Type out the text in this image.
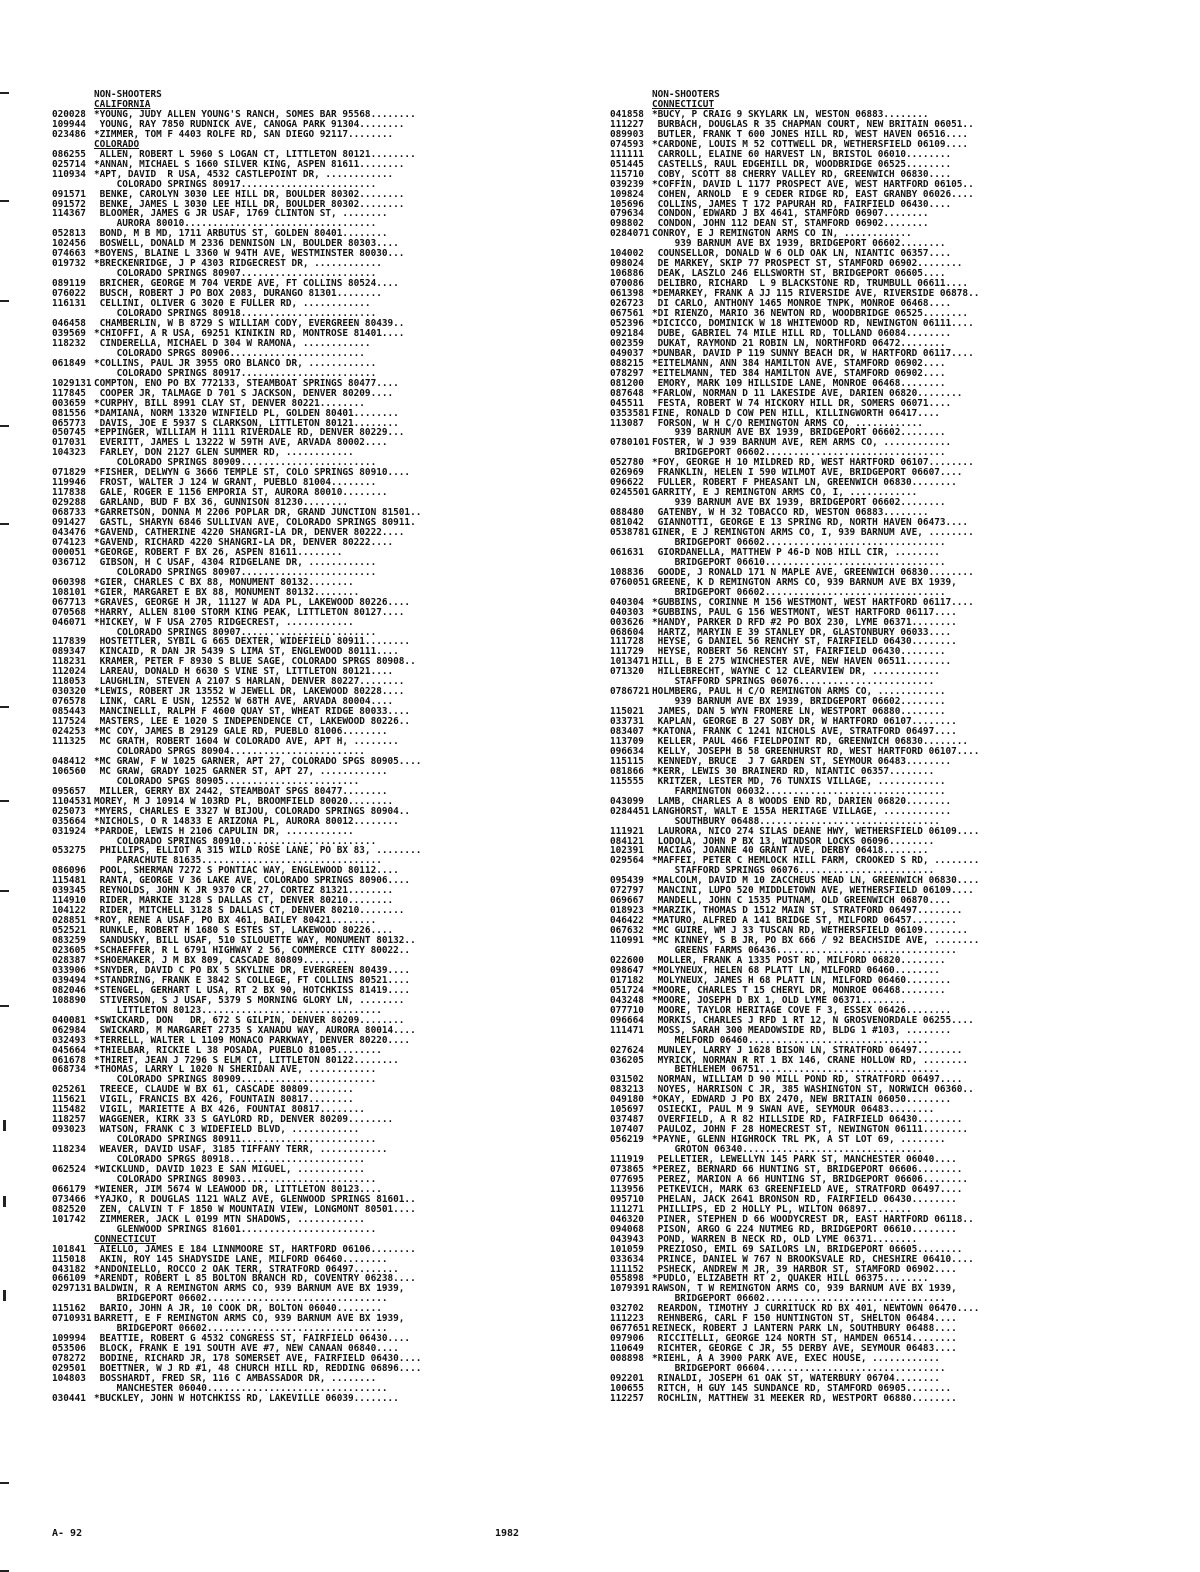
NON-SHOOTERS
CALIFORNIA
020028 *YOUNG, JUDY ALLEN YOUNG'S RANCH, SOMES BAR 95568........
109944 YOUNG, RAY 7850 RUDNICK AVE, CANOGA PARK 91304........
023486 *ZIMMER, TOM F 4403 ROLFE RD, SAN DIEGO 92117........
COLORADO
086255 ALLEN, ROBERT L 5960 S LOGAN CT, LITTLETON 80121........
025714 *ANNAN, MICHAEL S 1660 SILVER KING, ASPEN 81611........
110934 *APT, DAVID  R USA, 4532 CASTLEPOINT DR, ............
COLORADO SPRINGS 80917........................
091571 BENKE, CAROLYN 3030 LEE HILL DR, BOULDER 80302........
091572 BENKE, JAMES L 3030 LEE HILL DR, BOULDER 80302........
114367 BLOOMER, JAMES G JR USAF, 1769 CLINTON ST, ........
AURORA 80010..................................
052813 BOND, M B MD, 1711 ARBUTUS ST, GOLDEN 80401........
102456 BOSWELL, DONALD M 2336 DENNISON LN, BOULDER 80303....
074663 *BOYENS, BLAINE L 3360 W 94TH AVE, WESTMINSTER 80030...
019732 *BRECKENRIDGE, J P 4303 RIDGECREST DR, ............
COLORADO SPRINGS 80907........................
089119 BRICHER, GEORGE M 704 VERDE AVE, FT COLLINS 80524....
076022 BUSCH, ROBERT J PO BOX 2083, DURANGO 81301........
116131 CELLINI, OLIVER G 3020 E FULLER RD, ............
COLORADO SPRINGS 80918........................
046458 CHAMBERLIN, W B 8729 S WILLIAM CODY, EVERGREEN 80439..
039569 *CHIOFFI, A R USA, 69251 KINIKIN RD, MONTROSE 81401....
118232 CINDERELLA, MICHAEL D 304 W RAMONA, ............
COLORADO SPRGS 80906........................
061849 *COLLINS, PAUL JR 3955 ORO BLANCO DR, ............
COLORADO SPRINGS 80917........................
1029131 COMPTON, ENO PO BX 772133, STEAMBOAT SPRINGS 80477....
117845 COOPER JR, TALMAGE D 701 S JACKSON, DENVER 80209....
003659 *CURPHY, BILL 8991 CLAY ST, DENVER 80221........
081556 *DAMIANA, NORM 13320 WINFIELD PL, GOLDEN 80401........
065773 DAVIS, JOE E 5937 S CLARKSON, LITTLETON 80121........
050745 *EPPINGER, WILLIAM H 1111 RIVERDALE RD, DENVER 80229...
017031 EVERITT, JAMES L 13222 W 59TH AVE, ARVADA 80002....
104323 FARLEY, DON 2127 GLEN SUMMER RD, ............
COLORADO SPRINGS 80909........................
071829 *FISHER, DELWYN G 3666 TEMPLE ST, COLO SPRINGS 80910....
119946 FROST, WALTER J 124 W GRANT, PUEBLO 81004........
117838 GALE, ROGER E 1156 EMPORIA ST, AURORA 80010........
029288 GARLAND, BUD F BX 36, GUNNISON 81230........
068733 *GARRETSON, DONNA M 2206 POPLAR DR, GRAND JUNCTION 81501..
091427 GASTL, SHARYN 6846 SULLIVAN AVE, COLORADO SPRINGS 80911.
043476 *GAVEND, CATHERINE 4220 SHANGRI-LA DR, DENVER 80222....
074123 *GAVEND, RICHARD 4220 SHANGRI-LA DR, DENVER 80222....
000051 *GEORGE, ROBERT F BX 26, ASPEN 81611........
036712 GIBSON, H C USAF, 4304 RIDGELANE DR, ............
COLORADO SPRINGS 80907........................
060398 *GIER, CHARLES C BX 88, MONUMENT 80132........
108101 *GIER, MARGARET E BX 88, MONUMENT 80132........
067713 *GRAVES, GEORGE H JR, 11127 W ADA PL, LAKEWOOD 80226....
070568 *HARRY, ALLEN 8100 STORM KING PEAK, LITTLETON 80127....
046071 *HICKEY, W F USA 2705 RIDGECREST, ............
COLORADO SPRINGS 80907........................
117839 HOSTETTLER, SYBIL G 665 DEXTER, WIDEFIELD 80911........
089347 KINCAID, R DAN JR 5439 S LIMA ST, ENGLEWOOD 80111....
118231 KRAMER, PETER F 8930 S BLUE SAGE, COLORADO SPRGS 80908..
112024 LAREAU, DONALD H 6630 S VINE ST, LITTLETON 80121....
118053 LAUGHLIN, STEVEN A 2107 S HARLAN, DENVER 80227........
030320 *LEWIS, ROBERT JR 13552 W JEWELL DR, LAKEWOOD 80228....
076578 LINK, CARL E USN, 12552 W 68TH AVE, ARVADA 80004....
085443 MANCINELLI, RALPH F 4600 QUAY ST, WHEAT RIDGE 80033....
117524 MASTERS, LEE E 1020 S INDEPENDENCE CT, LAKEWOOD 80226..
024253 *MC COY, JAMES B 29129 GALE RD, PUEBLO 81006........
111325 MC GRATH, ROBERT 1604 W COLORADO AVE, APT H, ........
COLORADO SPRGS 80904........................
048412 *MC GRAW, F W 1025 GARNER, APT 27, COLORADO SPGS 80905....
106560 MC GRAW, GRADY 1025 GARNER ST, APT 27, ............
COLORADO SPGS 80905........................
095657 MILLER, GERRY BX 2442, STEAMBOAT SPGS 80477........
1104531 MOREY, M J 10914 W 103RD PL, BROOMFIELD 80020........
025073 *MYERS, CHARLES E 3327 W BIJOU, COLORADO SPRINGS 80904..
035664 *NICHOLS, O R 14833 E ARIZONA PL, AURORA 80012........
031924 *PARDOE, LEWIS H 2106 CAPULIN DR, ............
COLORADO SPRINGS 80910........................
053275 PHILLIPS, ELLIOT A 315 WILD ROSE LANE, PO BX 83, ........
PARACHUTE 81635................................
086096 POOL, SHERMAN 7272 S PONTIAC WAY, ENGLEWOOD 80112....
115481 RANTA, GEORGE V 36 LAKE AVE, COLORADO SPRINGS 80906....
039345 REYNOLDS, JOHN K JR 9370 CR 27, CORTEZ 81321........
114910 RIDER, MARKIE 3128 S DALLAS CT, DENVER 80210........
104122 RIDER, MITCHELL 3128 S DALLAS CT, DENVER 80210........
028851 *ROY, RENE A USAF, PO BX 461, BAILEY 80421........
052521 RUNKLE, ROBERT H 1680 S ESTES ST, LAKEWOOD 80226....
083259 SANDUSKY, BILL USAF, 510 SILOUETTE WAY, MONUMENT 80132..
023605 *SCHAEFFER, R L 6791 HIGHWAY 2 56, COMMERCE CITY 80022..
028387 *SHOEMAKER, J M BX 809, CASCADE 80809........
033906 *SNYDER, DAVID C PO BX 5 SKYLINE DR, EVERGREEN 80439....
039494 *STANDRING, FRANK E 3842 S COLLEGE, FT COLLINS 80521....
082046 *STENGEL, GERHART L USA, RT 2 BX 90, HOTCHKISS 81419....
108890 STIVERSON, S J USAF, 5379 S MORNING GLORY LN, ........
LITTLETON 80123................................
040081 *SWICKARD, DON   DR, 672 S GILPIN, DENVER 80209........
062984 SWICKARD, M MARGARET 2735 S XANADU WAY, AURORA 80014....
032493 *TERRELL, WALTER L 1109 MONACO PARKWAY, DENVER 80220....
045664 *THIELBAR, RICKIE L 38 POSADA, PUEBLO 81005........
061678 *THIRET, JEAN J 7296 S ELM CT, LITTLETON 80122........
068734 *THOMAS, LARRY L 1020 N SHERIDAN AVE, ............
COLORADO SPRINGS 80909........................
025261 TREECE, CLAUDE W BX 61, CASCADE 80809........
115621 VIGIL, FRANCIS BX 426, FOUNTAIN 80817........
115482 VIGIL, MARIETTE A BX 426, FOUNTAI 80817........
118257 WAGGENER, KIRK 33 S GAYLORD RD, DENVER 80209........
093023 WATSON, FRANK C 3 WIDEFIELD BLVD, ............
COLORADO SPRINGS 80911........................
118234 WEAVER, DAVID USAF, 3185 TIFFANY TERR, ............
COLORADO SPRGS 80918........................
062524 *WICKLUND, DAVID 1023 E SAN MIGUEL, ............
COLORADO SPRINGS 80903........................
066179 *WIENER, JIM 5674 W LEAWOOD DR, LITTLETON 80123....
073466 *YAJKO, R DOUGLAS 1121 WALZ AVE, GLENWOOD SPRINGS 81601..
082520 ZEN, CALVIN T F 1850 W MOUNTAIN VIEW, LONGMONT 80501....
101742 ZIMMERER, JACK L 0199 MTN SHADOWS, ............
GLENWOOD SPRINGS 81601........................
CONNECTICUT
101841 AIELLO, JAMES E 184 LINNMOORE ST, HARTFORD 06106........
115018 AKIN, ROY 145 SHADYSIDE LANE, MILFORD 06460........
043182 *ANDONIELLO, ROCCO 2 OAK TERR, STRATFORD 06497........
066109 *ARENDT, ROBERT L 85 BOLTON BRANCH RD, COVENTRY 06238....
0297131 BALDWIN, R A REMINGTON ARMS CO, 939 BARNUM AVE BX 1939,
BRIDGEPORT 06602................................
115162 BARIO, JOHN A JR, 10 COOK DR, BOLTON 06040........
0710931 BARRETT, E F REMINGTON ARMS CO, 939 BARNUM AVE BX 1939,
BRIDGEPORT 06602................................
109994 BEATTIE, ROBERT G 4532 CONGRESS ST, FAIRFIELD 06430....
053506 BLOCK, FRANK E 191 SOUTH AVE #7, NEW CANAAN 06840....
078272 BODINE, RICHARD JR, 178 SOMERSET AVE, FAIRFIELD 06430....
029501 BOETTNER, W J RD #1, 48 CHURCH HILL RD, REDDING 06896....
104803 BOSSHARDT, FRED SR, 116 C AMBASSADOR DR, ........
MANCHESTER 06040................................
030441 *BUCKLEY, JOHN W HOTCHKISS RD, LAKEVILLE 06039........
NON-SHOOTERS
CONNECTICUT
041858 *BUCY, P CRAIG 9 SKYLARK LN, WESTON 06883........
111227 BURBACH, DOUGLAS R 35 CHAPMAN COURT, NEW BRITAIN 06051..
089903 BUTLER, FRANK T 600 JONES HILL RD, WEST HAVEN 06516....
074593 *CARDONE, LOUIS M 52 COTTWELL DR, WETHERSFIELD 06109....
111111 CARROLL, ELAINE 60 HARVEST LN, BRISTOL 06010........
051445 CASTELLS, RAUL EDGEHILL DR, WOODBRIDGE 06525........
115710 COBY, SCOTT 88 CHERRY VALLEY RD, GREENWICH 06830....
039239 *COFFIN, DAVID L 1177 PROSPECT AVE, WEST HARTFORD 06105..
109824 COHEN, ARNOLD  E 9 CEDER RIDGE RD, EAST GRANBY 06026....
105696 COLLINS, JAMES T 172 PAPURAH RD, FAIRFIELD 06430....
079634 CONDON, EDWARD J BX 4641, STAMFORD 06907........
098802 CONDON, JOHN 112 DEAN ST, STAMFORD 06902........
0284071 CONROY, E J REMINGTON ARMS CO IN, ............
939 BARNUM AVE BX 1939, BRIDGEPORT 06602........
104002 COUNSELLOR, DONALD W 6 OLD OAK LN, NIANTIC 06357....
098024 DE MARKEY, SKIP 77 PROSPECT ST, STAMFORD 06902........
106886 DEAK, LASZLO 246 ELLSWORTH ST, BRIDGEPORT 06605....
070086 DELIBRO, RICHARD  L 9 BLACKSTONE RD, TRUMBULL 06611....
061398 *DEMARKEY, FRANK A JJ 115 RIVERSIDE AVE, RIVERSIDE 06878..
026723 DI CARLO, ANTHONY 1465 MONROE TNPK, MONROE 06468....
067561 *DI RIENZO, MARIO 36 NEWTON RD, WOODBRIDGE 06525........
052396 *DICICCO, DOMINICK W 18 WHITEWOOD RD, NEWINGTON 06111....
092184 DUBE, GABRIEL 74 MILE HILL RD, TOLLAND 06084........
002359 DUKAT, RAYMOND 21 ROBIN LN, NORTHFORD 06472........
049037 *DUNBAR, DAVID P 119 SUNNY BEACH DR, W HARTFORD 06117....
088215 *EITELMANN, ANN 384 HAMILTON AVE, STAMFORD 06902....
078297 *EITELMANN, TED 384 HAMILTON AVE, STAMFORD 06902....
081200 EMORY, MARK 109 HILLSIDE LANE, MONROE 06468........
087648 *FARLOW, NORMAN D 11 LAKESIDE AVE, DARIEN 06820........
045511 FESTA, ROBERT W 74 HICKORY HILL DR, SOMERS 06071....
0353581 FINE, RONALD D COW PEN HILL, KILLINGWORTH 06417....
113087 FORSON, W H C/O REMINGTON ARMS CO, ............
939 BARNUM AVE BX 1939, BRIDGEPORT 06602........
0780101 FOSTER, W J 939 BARNUM AVE, REM ARMS CO, ............
BRIDGEPORT 06602................................
052780 *FOY, GEORGE H 10 MILDRED RD, WEST HARTFORD 06107........
026969 FRANKLIN, HELEN I 590 WILMOT AVE, BRIDGEPORT 06607....
096622 FULLER, ROBERT F PHEASANT LN, GREENWICH 06830........
0245501 GARRITY, E J REMINGTON ARMS CO, I, ............
939 BARNUM AVE BX 1939, BRIDGEPORT 06602........
088480 GATENBY, W H 32 TOBACCO RD, WESTON 06883........
081042 GIANNOTTI, GEORGE E 13 SPRING RD, NORTH HAVEN 06473....
0538781 GINER, E J REMINGTON ARMS CO, I, 939 BARNUM AVE, ........
BRIDGEPORT 06602................................
061631 GIORDANELLA, MATTHEW P 46-D NOB HILL CIR, ........
BRIDGEPORT 06610................................
108836 GOODE, J RONALD 171 N MAPLE AVE, GREENWICH 06830........
0760051 GREENE, K D REMINGTON ARMS CO, 939 BARNUM AVE BX 1939,
BRIDGEPORT 06602................................
040304 *GUBBINS, CORINNE M 156 WESTMONT, WEST HARTFORD 06117....
040303 *GUBBINS, PAUL G 156 WESTMONT, WEST HARTFORD 06117....
003626 *HANDY, PARKER D RFD #2 PO BOX 230, LYME 06371........
068604 HARTZ, MARYIN E 39 STANLEY DR, GLASTONBURY 06033....
111728 HEYSE, G DANIEL 56 RENCHY ST, FAIRFIELD 06430........
111729 HEYSE, ROBERT 56 RENCHY ST, FAIRFIELD 06430........
1013471 HILL, B E 275 WINCHESTER AVE, NEW HAVEN 06511........
071320 HILLEBRECHT, WAYNE C 12 CLEARVIEW DR, ............
STAFFORD SPRINGS 06076........................
0786721 HOLMBERG, PAUL H C/O REMINGTON ARMS CO, ............
939 BARNUM AVE BX 1939, BRIDGEPORT 06602........
115021 JAMES, DAN 5 WYN FROMERE LN, WESTPORT 06880........
033731 KAPLAN, GEORGE B 27 SOBY DR, W HARTFORD 06107........
083407 *KATONA, FRANK C 1241 NICHOLS AVE, STRATFORD 06497....
113709 KELLER, PAUL 466 FIELDPOINT RD, GREENWICH 06830........
096634 KELLY, JOSEPH B 58 GREENHURST RD, WEST HARTFORD 06107....
115115 KENNEDY, BRUCE  J 7 GARDEN ST, SEYMOUR 06483........
081866 *KERR, LEWIS 30 BRAINERD RD, NIANTIC 06357........
115555 KRITZER, LESTER MD, 76 TUNXIS VILLAGE, ............
FARMINGTON 06032................................
043099 LAMB, CHARLES A 8 WOODS END RD, DARIEN 06820........
0284451 LANGHORST, WALT E 155A HERITAGE VILLAGE, ............
SOUTHBURY 06488................................
111921 LAURORA, NICO 274 SILAS DEANE HWY, WETHERSFIELD 06109....
084121 LODOLA, JOHN P BX 13, WINDSOR LOCKS 06096........
102391 MACIAG, JOANNE 40 GRANT AVE, DERBY 06418........
029564 *MAFFEI, PETER C HEMLOCK HILL FARM, CROOKED S RD, ........
STAFFORD SPRINGS 06076........................
095439 *MALCOLM, DAVID M 10 ZACCHEUS MEAD LN, GREENWICH 06830....
072797 MANCINI, LUPO 520 MIDDLETOWN AVE, WETHERSFIELD 06109....
069667 MANDELL, JOHN C 1535 PUTNAM, OLD GREENWICH 06870....
018923 *MARZIK, THOMAS D 1512 MAIN ST, STRATFORD 06497........
046422 *MATURO, ALFRED A 141 BRIDGE ST, MILFORD 06457........
067632 *MC GUIRE, WM J 33 TUSCAN RD, WETHERSFIELD 06109........
110991 *MC KINNEY, S B JR, PO BX 666 / 92 BEACHSIDE AVE, ........
GREENS FARMS 06436................................
022600 MOLLER, FRANK A 1335 POST RD, MILFORD 06820........
098647 *MOLYNEUX, HELEN 68 PLATT LN, MILFORD 06460........
017182 MOLYNEUX, JAMES H 68 PLATT LN, MILFORD 06460........
051724 *MOORE, CHARLES T 15 CHERYL DR, MONROE 06468........
043248 *MOORE, JOSEPH D BX 1, OLD LYME 06371........
077710 MOORE, TAYLOR HERITAGE COVE F 3, ESSEX 06426........
096664 MORKIS, CHARLES J RFD 1 RT 12, N GROSVENORDALE 06255....
111471 MOSS, SARAH 300 MEADOWSIDE RD, BLDG 1 #103, ........
MELFORD 06460................................
027624 MUNLEY, LARRY J 1628 BISON LN, STRATFORD 06497........
036205 MYRICK, NORMAN R RT 1 BX 146, CRANE HOLLOW RD, ........
BETHLEHEM 06751................................
031502 NORMAN, WILLIAM D 90 MILL POND RD, STRATFORD 06497....
083213 NOYES, HARRISON C JR, 385 WASHINGTON ST, NORWICH 06360..
049180 *OKAY, EDWARD J PO BX 2470, NEW BRITAIN 06050........
105697 OSIECKI, PAUL M 9 SWAN AVE, SEYMOUR 06483........
037487 OVERFIELD, A R 82 HILLSIDE RD, FAIRFIELD 06430........
107407 PAULOZ, JOHN F 28 HOMECREST ST, NEWINGTON 06111........
056219 *PAYNE, GLENN HIGHROCK TRL PK, A ST LOT 69, ........
GROTON 06340................................
111919 PELLETIER, LEWELLYN 145 PARK ST, MANCHESTER 06040....
073865 *PEREZ, BERNARD 66 HUNTING ST, BRIDGEPORT 06606........
077695 PEREZ, MARION A 66 HUNTING ST, BRIDGEPORT 06606........
113956 PETKEVICH, MARK 63 GREENFIELD AVE, STRATFORD 06497....
095710 PHELAN, JACK 2641 BRONSON RD, FAIRFIELD 06430........
111271 PHILLIPS, ED 2 HOLLY PL, WILTON 06897........
046320 PINER, STEPHEN D 66 WOODYCREST DR, EAST HARTFORD 06118..
094068 PISON, ARGO G 224 NUTMEG RD, BRIDGEPORT 06610........
043943 POND, WARREN B NECK RD, OLD LYME 06371........
101059 PREZIOSO, EMIL 69 SAILORS LN, BRIDGEPORT 06605........
033634 PRINCE, DANIEL W 767 N BROOKSVALE RD, CHESHIRE 06410....
111152 PSHECK, ANDREW M JR, 39 HARBOR ST, STAMFORD 06902....
055898 *PUDLO, ELIZABETH RT 2, QUAKER HILL 06375........
1079391 RAWSON, T W REMINGTON ARMS CO, 939 BARNUM AVE BX 1939,
BRIDGEPORT 06602................................
032702 REARDON, TIMOTHY J CURRITUCK RD BX 401, NEWTOWN 06470....
111223 REHNBERG, CARL F 150 HUNTINGTON ST, SHELTON 06484....
0677651 REINECK, ROBERT J LANTERN PARK LN, SOUTHBURY 06488....
097906 RICCITELLI, GEORGE 124 NORTH ST, HAMDEN 06514........
110649 RICHTER, GEORGE C JR, 55 DERBY AVE, SEYMOUR 06483....
008898 *RIEHL, A A 3900 PARK AVE, EXEC HOUSE, ............
BRIDGEPORT 06604................................
092201 RINALDI, JOSEPH 61 OAK ST, WATERBURY 06704........
100655 RITCH, H GUY 145 SUNDANCE RD, STAMFORD 06905........
112257 ROCHLIN, MATTHEW 31 MEEKER RD, WESTPORT 06880........
A- 92	1982
